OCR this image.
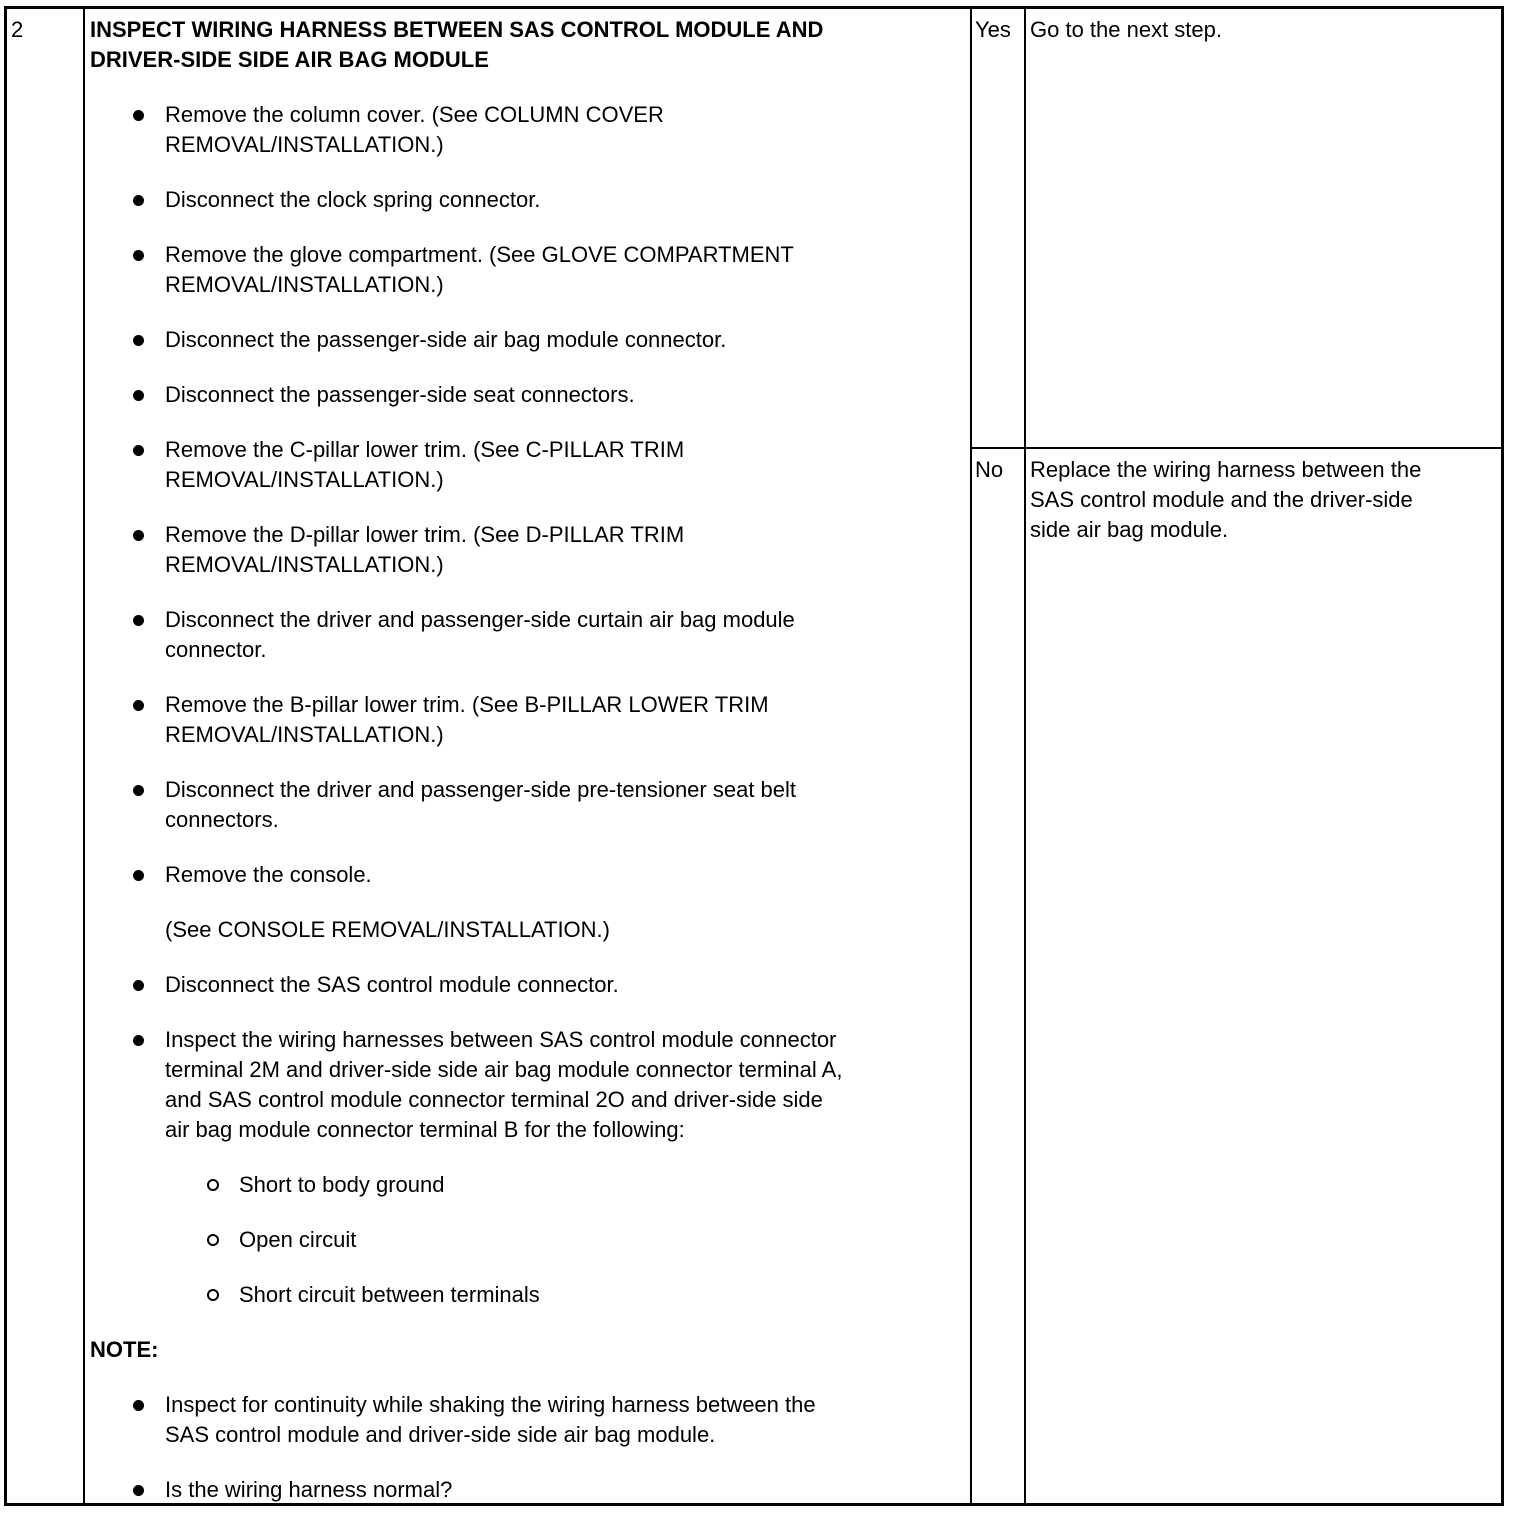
2	INSPECT WIRING HARNESS BETWEEN SAS CONTROL MODULE AND
DRIVER-SIDE SIDE AIR BAG MODULE
Remove the column cover. (See COLUMN COVER
REMOVAL/INSTALLATION.)
Disconnect the clock spring connector.
Remove the glove compartment. (See GLOVE COMPARTMENT
REMOVAL/INSTALLATION.)
Disconnect the passenger-side air bag module connector.
Disconnect the passenger-side seat connectors.
Remove the C-pillar lower trim. (See C-PILLAR TRIM
REMOVAL/INSTALLATION.)
Remove the D-pillar lower trim. (See D-PILLAR TRIM
REMOVAL/INSTALLATION.)
Disconnect the driver and passenger-side curtain air bag module
connector.
Remove the B-pillar lower trim. (See B-PILLAR LOWER TRIM
REMOVAL/INSTALLATION.)
Disconnect the driver and passenger-side pre-tensioner seat belt
connectors.
Remove the console.
(See CONSOLE REMOVAL/INSTALLATION.)
Disconnect the SAS control module connector.
Inspect the wiring harnesses between SAS control module connector
terminal 2M and driver-side side air bag module connector terminal A,
and SAS control module connector terminal 2O and driver-side side
air bag module connector terminal B for the following:
Short to body ground
Open circuit
Short circuit between terminals
NOTE:
Inspect for continuity while shaking the wiring harness between the
SAS control module and driver-side side air bag module.
Is the wiring harness normal?
Yes Go to the next step.
No Replace the wiring harness between the
SAS control module and the driver-side
side air bag module.
